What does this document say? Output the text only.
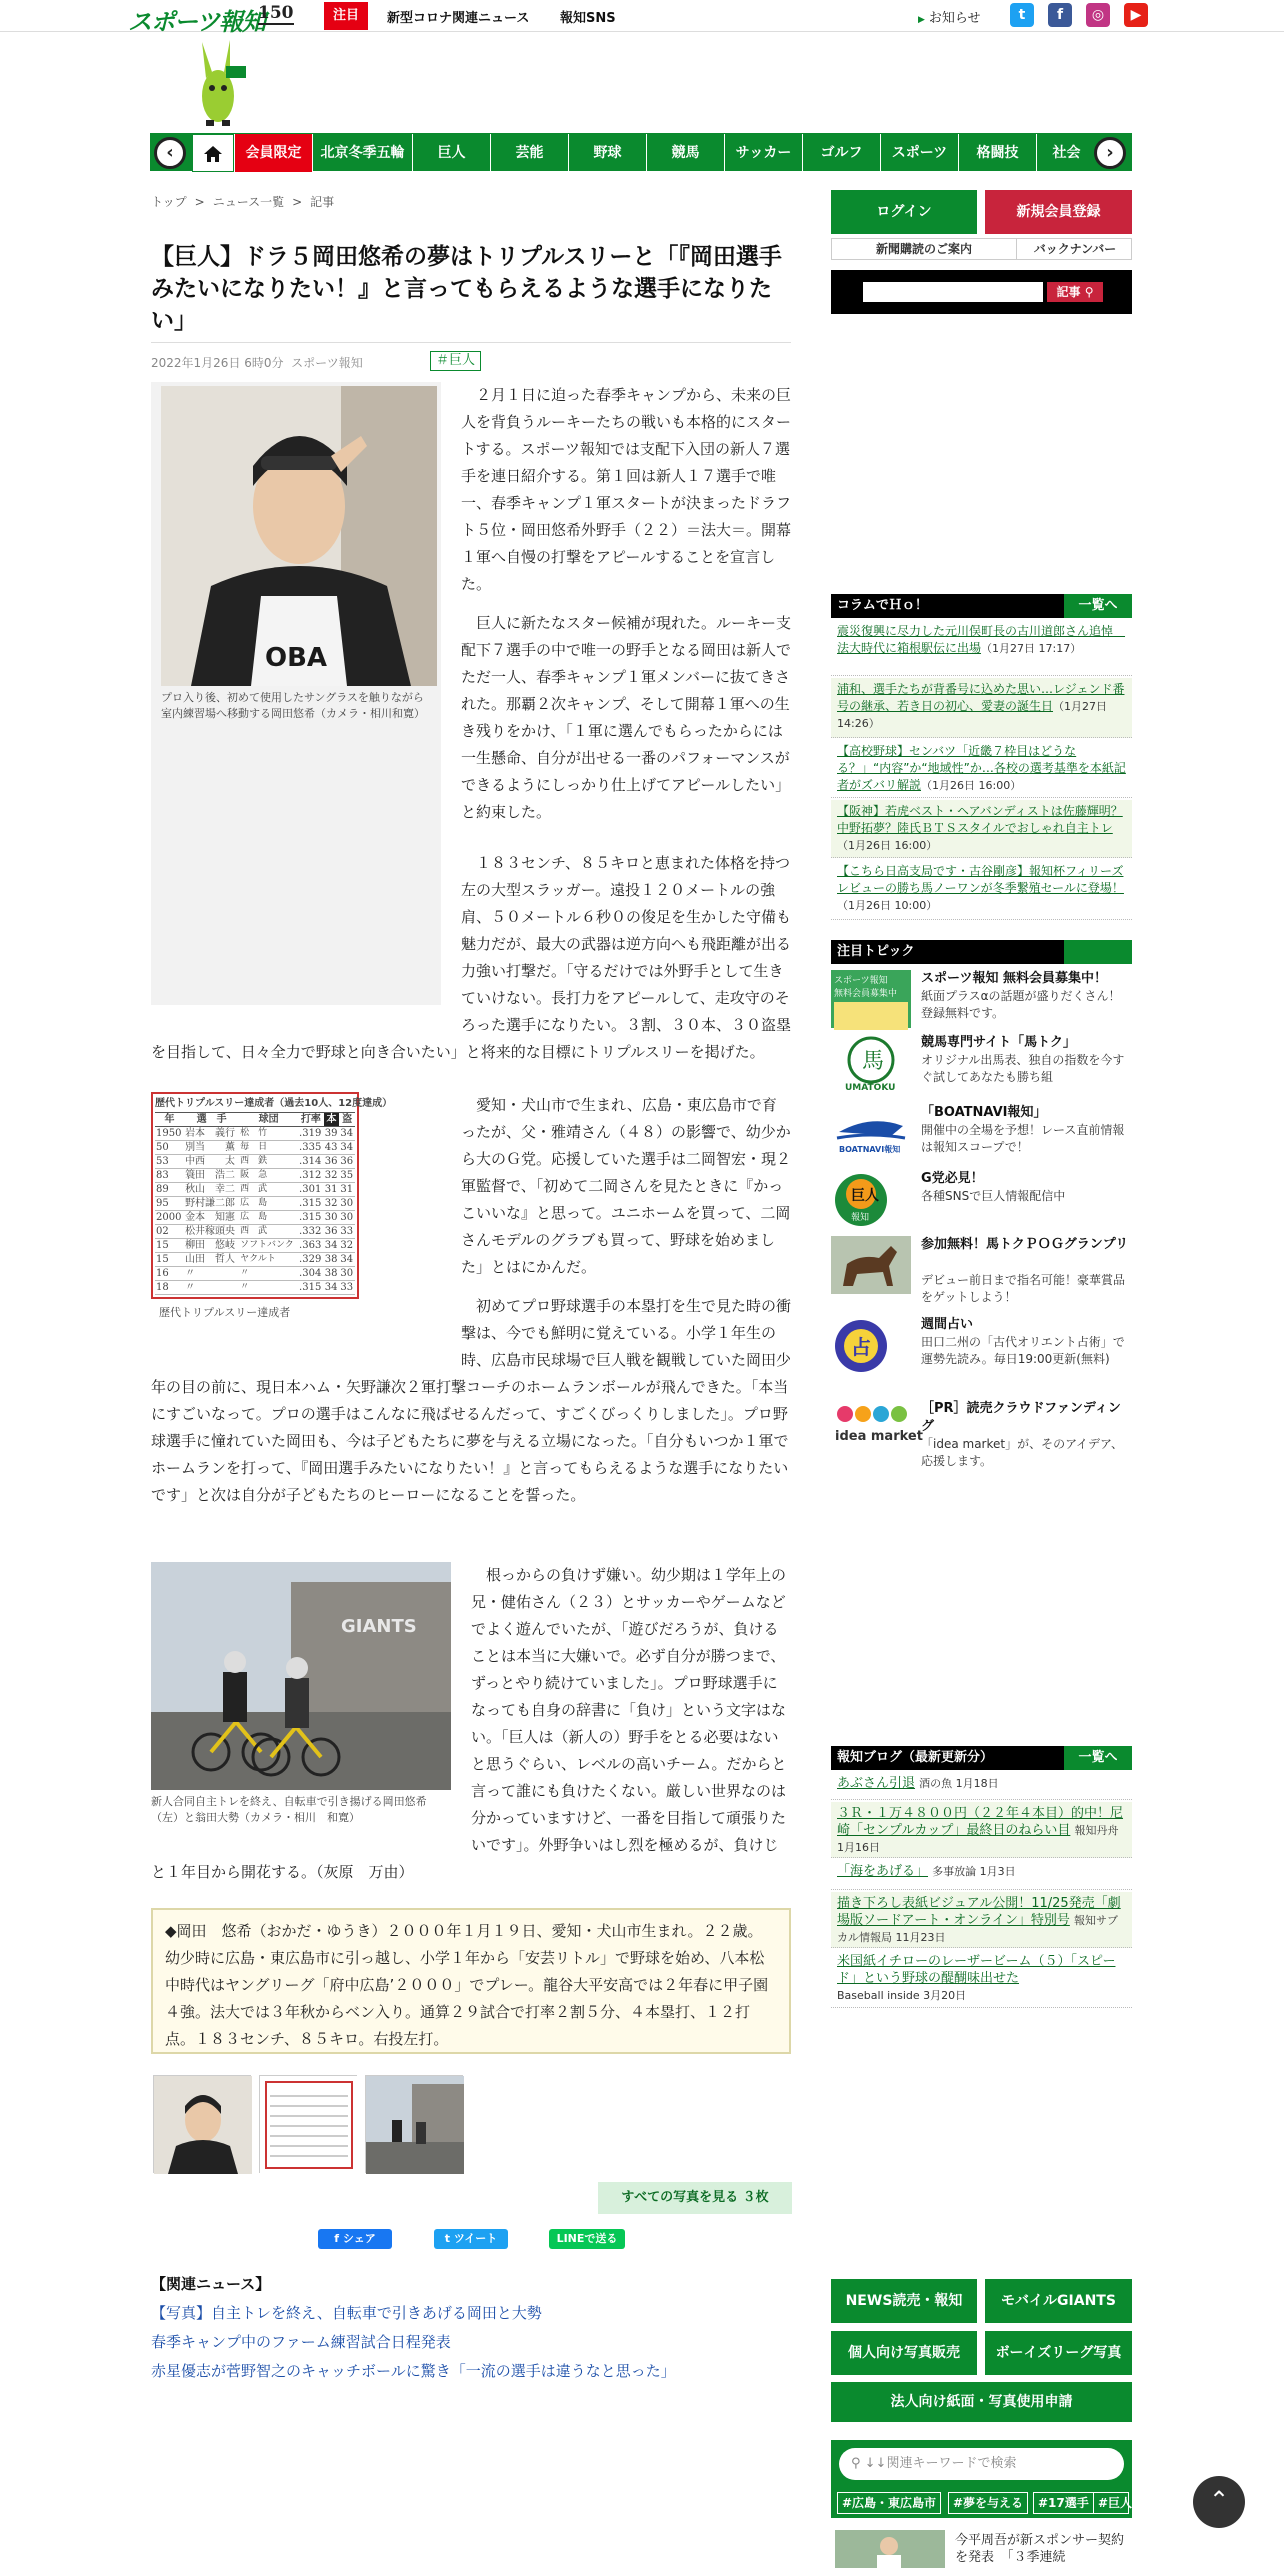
スポーツ報知
150	注目	新型コロナ関連ニュース 報知SNS	▶ お知らせ	t	f	◎	▶
‹	会員限定	北京冬季五輪	巨人	芸能	野球	競馬	サッカー	ゴルフ	スポーツ	格闘技	社会	›
トップ > ニュース一覧 > 記事
【巨人】ドラ５岡田悠希の夢はトリプルスリーと「『岡田選手みたいになりたい！』と言ってもらえるような選手になりたい」
2022年1月26日 6時0分 スポーツ報知	＃巨人
OBA
プロ入り後、初めて使用したサングラスを触りながら室内練習場へ移動する岡田悠希（カメラ・相川和寛）

２月１日に迫った春季キャンプから、未来の巨人を背負うルーキーたちの戦いも本格的にスタートする。スポーツ報知では支配下入団の新人７選手を連日紹介する。第１回は新人１７選手で唯一、春季キャンプ１軍スタートが決まったドラフト５位・岡田悠希外野手（２２）＝法大＝。開幕１軍へ自慢の打撃をアピールすることを宣言した。

巨人に新たなスター候補が現れた。ルーキー支配下７選手の中で唯一の野手となる岡田は新人でただ一人、春季キャンプ１軍メンバーに抜てきされた。那覇２次キャンプ、そして開幕１軍への生き残りをかけ、「１軍に選んでもらったからには一生懸命、自分が出せる一番のパフォーマンスができるようにしっかり仕上げてアピールしたい」と約束した。

１８３センチ、８５キロと恵まれた体格を持つ左の大型スラッガー。遠投１２０メートルの強肩、５０メートル６秒０の俊足を生かした守備も魅力だが、最大の武器は逆方向へも飛距離が出る力強い打撃だ。「守るだけでは外野手として生きていけない。長打力をアピールして、走攻守のそろった選手になりたい。３割、３０本、３０盗塁を目指して、日々全力で野球と向き合いたい」と将来的な目標にトリプルスリーを掲げた。

歴代トリプルスリー達成者（過去10人、12度達成）
年	選　手	球団	打率	本	盗
1950	岩本　義行	松　竹	.319	39	34
50	別当　　薫	毎　日	.335	43	34
53	中西　　太	西　鉄	.314	36	36
83	簑田　浩二	阪　急	.312	32	35
89	秋山　幸二	西　武	.301	31	31
95	野村謙二郎	広　島	.315	32	30
2000	金本　知憲	広　島	.315	30	30
02	松井稼頭央	西　武	.332	36	33
15	柳田　悠岐	ソフトバンク	.363	34	32
15	山田　哲人	ヤクルト	.329	38	34
16	〃	〃	.304	38	30
18	〃	〃	.315	34	33
歴代トリプルスリー達成者

愛知・犬山市で生まれ、広島・東広島市で育ったが、父・雅靖さん（４８）の影響で、幼少から大のＧ党。応援していた選手は二岡智宏・現２軍監督で、「初めて二岡さんを見たときに『かっこいいな』と思って。ユニホームを買って、二岡さんモデルのグラブも買って、野球を始めました」とはにかんだ。

初めてプロ野球選手の本塁打を生で見た時の衝撃は、今でも鮮明に覚えている。小学１年生の時、広島市民球場で巨人戦を観戦していた岡田少年の目の前に、現日本ハム・矢野謙次２軍打撃コーチのホームランボールが飛んできた。「本当にすごいなって。プロの選手はこんなに飛ばせるんだって、すごくびっくりしました」。プロ野球選手に憧れていた岡田も、今は子どもたちに夢を与える立場になった。「自分もいつか１軍でホームランを打って、『岡田選手みたいになりたい！』と言ってもらえるような選手になりたいです」と次は自分が子どもたちのヒーローになることを誓った。

GIANTS
新人合同自主トレを終え、自転車で引き揚げる岡田悠希（左）と翁田大勢（カメラ・相川　和寛）

根っからの負けず嫌い。幼少期は１学年上の兄・健佑さん（２３）とサッカーやゲームなどでよく遊んでいたが、「遊びだろうが、負けることは本当に大嫌いで。必ず自分が勝つまで、ずっとやり続けていました」。プロ野球選手になっても自身の辞書に「負け」という文字はない。「巨人は（新人の）野手をとる必要はないと思うぐらい、レベルの高いチーム。だからと言って誰にも負けたくない。厳しい世界なのは分かっていますけど、一番を目指して頑張りたいです」。外野争いはし烈を極めるが、負けじと１年目から開花する。（灰原　万由）

◆岡田　悠希（おかだ・ゆうき）２０００年１月１９日、愛知・犬山市生まれ。２２歳。幼少時に広島・東広島市に引っ越し、小学１年から「安芸リトル」で野球を始め、八本松中時代はヤングリーグ「府中広島’２０００」でプレー。龍谷大平安高では２年春に甲子園４強。法大では３年秋からベン入り。通算２９試合で打率２割５分、４本塁打、１２打点。１８３センチ、８５キロ。右投左打。
すべての写真を見る ３枚
f シェア	t ツイート	LINEで送る
【関連ニュース】
【写真】自主トレを終え、自転車で引きあげる岡田と大勢
春季キャンプ中のファーム練習試合日程発表
赤星優志が菅野智之のキャッチボールに驚き「一流の選手は違うなと思った」
ログイン	新規会員登録
新聞購読のご案内	バックナンバー
記事 ⚲
コラムでＨｏ！	一覧へ
震災復興に尽力した元川俣町長の古川道郎さん追悼　法大時代に箱根駅伝に出場（1月27日 17:17）
浦和、選手たちが背番号に込めた思い…レジェンド番号の継承、若き日の初心、愛妻の誕生日（1月27日 14:26）
【高校野球】センバツ「近畿７枠目はどうなる？」“内容”か“地域性”か…各校の選考基準を本紙記者がズバリ解説（1月26日 16:00）
【阪神】若虎ベスト・ヘアバンディストは佐藤輝明？中野拓夢？陸氏ＢＴＳスタイルでおしゃれ自主トレ（1月26日 16:00）
【こちら日高支局です・古谷剛彦】報知杯フィリーズレビューの勝ち馬ノーワンが冬季繋殖セールに登場！（1月26日 10:00）
注目トピック
スポーツ報知
無料会員募集中
スポーツ報知 無料会員募集中！
紙面プラスαの話題が盛りだくさん！登録無料です。
馬
UMATOKU
競馬専門サイト「馬トク」
オリジナル出馬表、独自の指数を今すぐ試してあなたも勝ち組
BOATNAVI報知
「BOATNAVI報知」
開催中の全場を予想！レース直前情報は報知スコープで！
巨人
報知
G党必見！
各種SNSで巨人情報配信中
参加無料！馬トクＰＯＧグランプリ
デビュー前日まで指名可能！豪華賞品をゲットしよう！
占
週間占い
田口二州の「古代オリエント占術」で運勢先読み。毎日19:00更新(無料)
idea market
［PR］読売クラウドファンディング
「idea market」が、そのアイデア、応援します。
報知ブログ（最新更新分）	一覧へ
あぶさん引退 酒の魚 1月18日
３Ｒ・１万４８００円（２２年４本目）的中！尼崎「センプルカップ」最終日のねらい目 報知丹舟 1月16日
「海をあげる」 多事放論 1月3日
描き下ろし表紙ビジュアル公開！11/25発売「劇場版ソードアート・オンライン」特別号 報知サブカル情報局 11月23日
米国紙イチローのレーザービーム（５）「スピード」という野球の醍醐味出せた
Baseball inside 3月20日
NEWS読売・報知	モバイルGIANTS
個人向け写真販売	ボーイズリーグ写真
法人向け紙面・写真使用申請
⚲ ↓↓関連キーワードで検索
#広島・東広島市	#夢を与える	#17選手 #巨人
今平周吾が新スポンサー契約を発表　「３季連続
⌃
